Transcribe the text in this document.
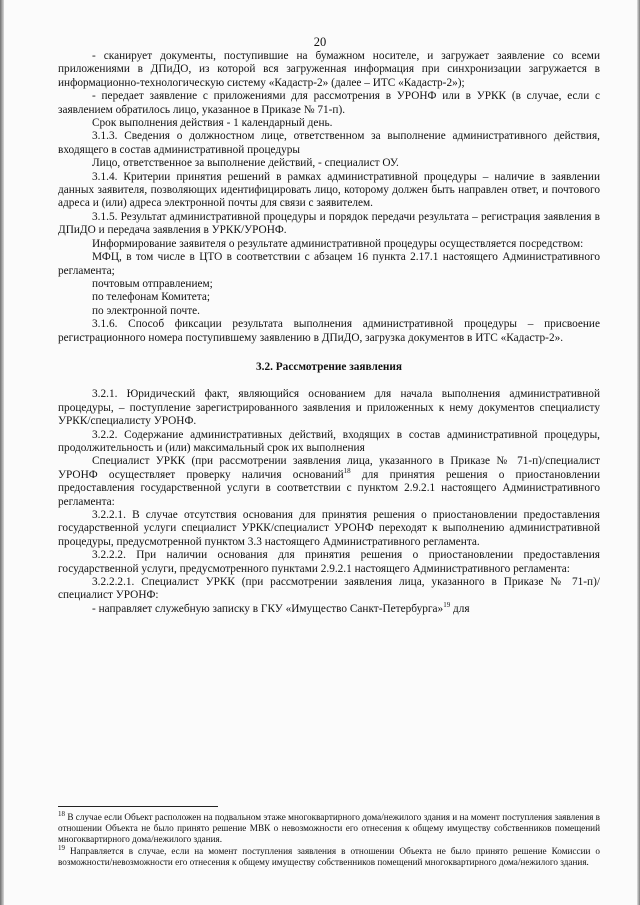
20

- сканирует документы, поступившие на бумажном носителе, и загружает заявление со всеми приложениями в ДПиДО, из которой вся загруженная информация при синхронизации загружается в информационно-технологическую систему «Кадастр-2» (далее – ИТС «Кадастр-2»);

- передает заявление с приложениями для рассмотрения в УРОНФ или в УРКК (в случае, если с заявлением обратилось лицо, указанное в Приказе № 71-п).

Срок выполнения действия - 1 календарный день.

3.1.3. Сведения о должностном лице, ответственном за выполнение административного действия, входящего в состав административной процедуры

Лицо, ответственное за выполнение действий, - специалист ОУ.

3.1.4. Критерии принятия решений в рамках административной процедуры – наличие в заявлении данных заявителя, позволяющих идентифицировать лицо, которому должен быть направлен ответ, и почтового адреса и (или) адреса электронной почты для связи с заявителем.

3.1.5. Результат административной процедуры и порядок передачи результата – регистрация заявления в ДПиДО и передача заявления в УРКК/УРОНФ.

Информирование заявителя о результате административной процедуры осуществляется посредством:

МФЦ, в том числе в ЦТО в соответствии с абзацем 16 пункта 2.17.1 настоящего Административного регламента;

почтовым отправлением;

по телефонам Комитета;

по электронной почте.

3.1.6. Способ фиксации результата выполнения административной процедуры – присвоение регистрационного номера поступившему заявлению в ДПиДО, загрузка документов в ИТС «Кадастр-2».

3.2. Рассмотрение заявления

3.2.1. Юридический факт, являющийся основанием для начала выполнения административной процедуры, – поступление зарегистрированного заявления и приложенных к нему документов специалисту УРКК/специалисту УРОНФ.

3.2.2. Содержание административных действий, входящих в состав административной процедуры, продолжительность и (или) максимальный срок их выполнения

Специалист УРКК (при рассмотрении заявления лица, указанного в Приказе № 71-п)/специалист УРОНФ осуществляет проверку наличия оснований$^{18}$ для принятия решения о приостановлении предоставления государственной услуги в соответствии с пунктом 2.9.2.1 настоящего Административного регламента:

3.2.2.1. В случае отсутствия основания для принятия решения о приостановлении предоставления государственной услуги специалист УРКК/специалист УРОНФ переходят к выполнению административной процедуры, предусмотренной пунктом 3.3 настоящего Административного регламента.

3.2.2.2. При наличии основания для принятия решения о приостановлении предоставления государственной услуги, предусмотренного пунктами 2.9.2.1 настоящего Административного регламента:

3.2.2.2.1. Специалист УРКК (при рассмотрении заявления лица, указанного в Приказе № 71-п)/специалист УРОНФ:

- направляет служебную записку в ГКУ «Имущество Санкт-Петербурга»$^{19}$ для

$^{18}$ В случае если Объект расположен на подвальном этаже многоквартирного дома/нежилого здания и на момент поступления заявления в отношении Объекта не было принято решение МВК о невозможности его отнесения к общему имуществу собственников помещений многоквартирного дома/нежилого здания.

$^{19}$ Направляется в случае, если на момент поступления заявления в отношении Объекта не было принято решение Комиссии о возможности/невозможности его отнесения к общему имуществу собственников помещений многоквартирного дома/нежилого здания.
